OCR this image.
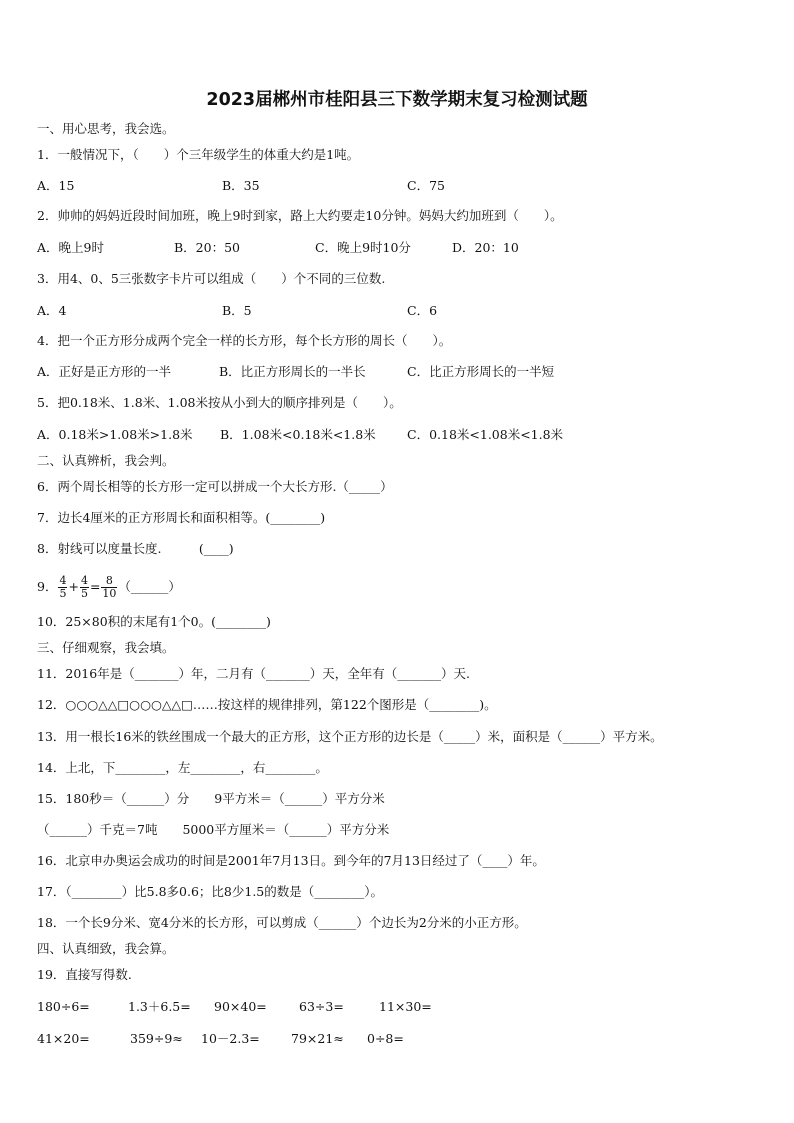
2023届郴州市桂阳县三下数学期末复习检测试题
一、用心思考，我会选。
1．一般情况下，（　　）个三年级学生的体重大约是1吨。
A．15	B．35	C．75
2．帅帅的妈妈近段时间加班，晚上9时到家，路上大约要走10分钟。妈妈大约加班到（　　）。
A．晚上9时	B．20：50	C．晚上9时10分	D．20：10
3．用4、0、5三张数字卡片可以组成（　　）个不同的三位数.
A．4	B．5	C．6
4．把一个正方形分成两个完全一样的长方形，每个长方形的周长（　　）。
A．正好是正方形的一半	B．比正方形周长的一半长	C．比正方形周长的一半短
5．把0.18米、1.8米、1.08米按从小到大的顺序排列是（　　）。
A．0.18米>1.08米>1.8米 B．1.08米<0.18米<1.8米	C．0.18米<1.08米<1.8米
二、认真辨析，我会判。
6．两个周长相等的长方形一定可以拼成一个大长方形.（_____）
7．边长4厘米的正方形周长和面积相等。(________)
8．射线可以度量长度.　　　(____)
9． $\frac{4}{5} + \frac{4}{5} = \frac{8}{10}$ （______）
10．25×80积的末尾有1个0。(________)
三、仔细观察，我会填。
11．2016年是（_______）年，二月有（_______）天，全年有（_______）天.
12．○○○△△□○○○△△□……按这样的规律排列，第122个图形是（________)。
13．用一根长16米的铁丝围成一个最大的正方形，这个正方形的边长是（_____）米，面积是（______）平方米。
14．上北，下________，左________，右________。
15．180秒＝（______）分　　9平方米＝（______）平方分米
（______）千克＝7吨　　5000平方厘米＝（______）平方分米
16．北京申办奥运会成功的时间是2001年7月13日。到今年的7月13日经过了（____）年。
17．（________）比5.8多0.6；比8少1.5的数是（________）。
18．一个长9分米、宽4分米的长方形，可以剪成（______）个边长为2分米的小正方形。
四、认真细致，我会算。
19．直接写得数.
180÷6=	1.3＋6.5= 90×40=	63÷3=	11×30=
41×20=	359÷9≈ 10－2.3= 79×21≈ 0÷8=
